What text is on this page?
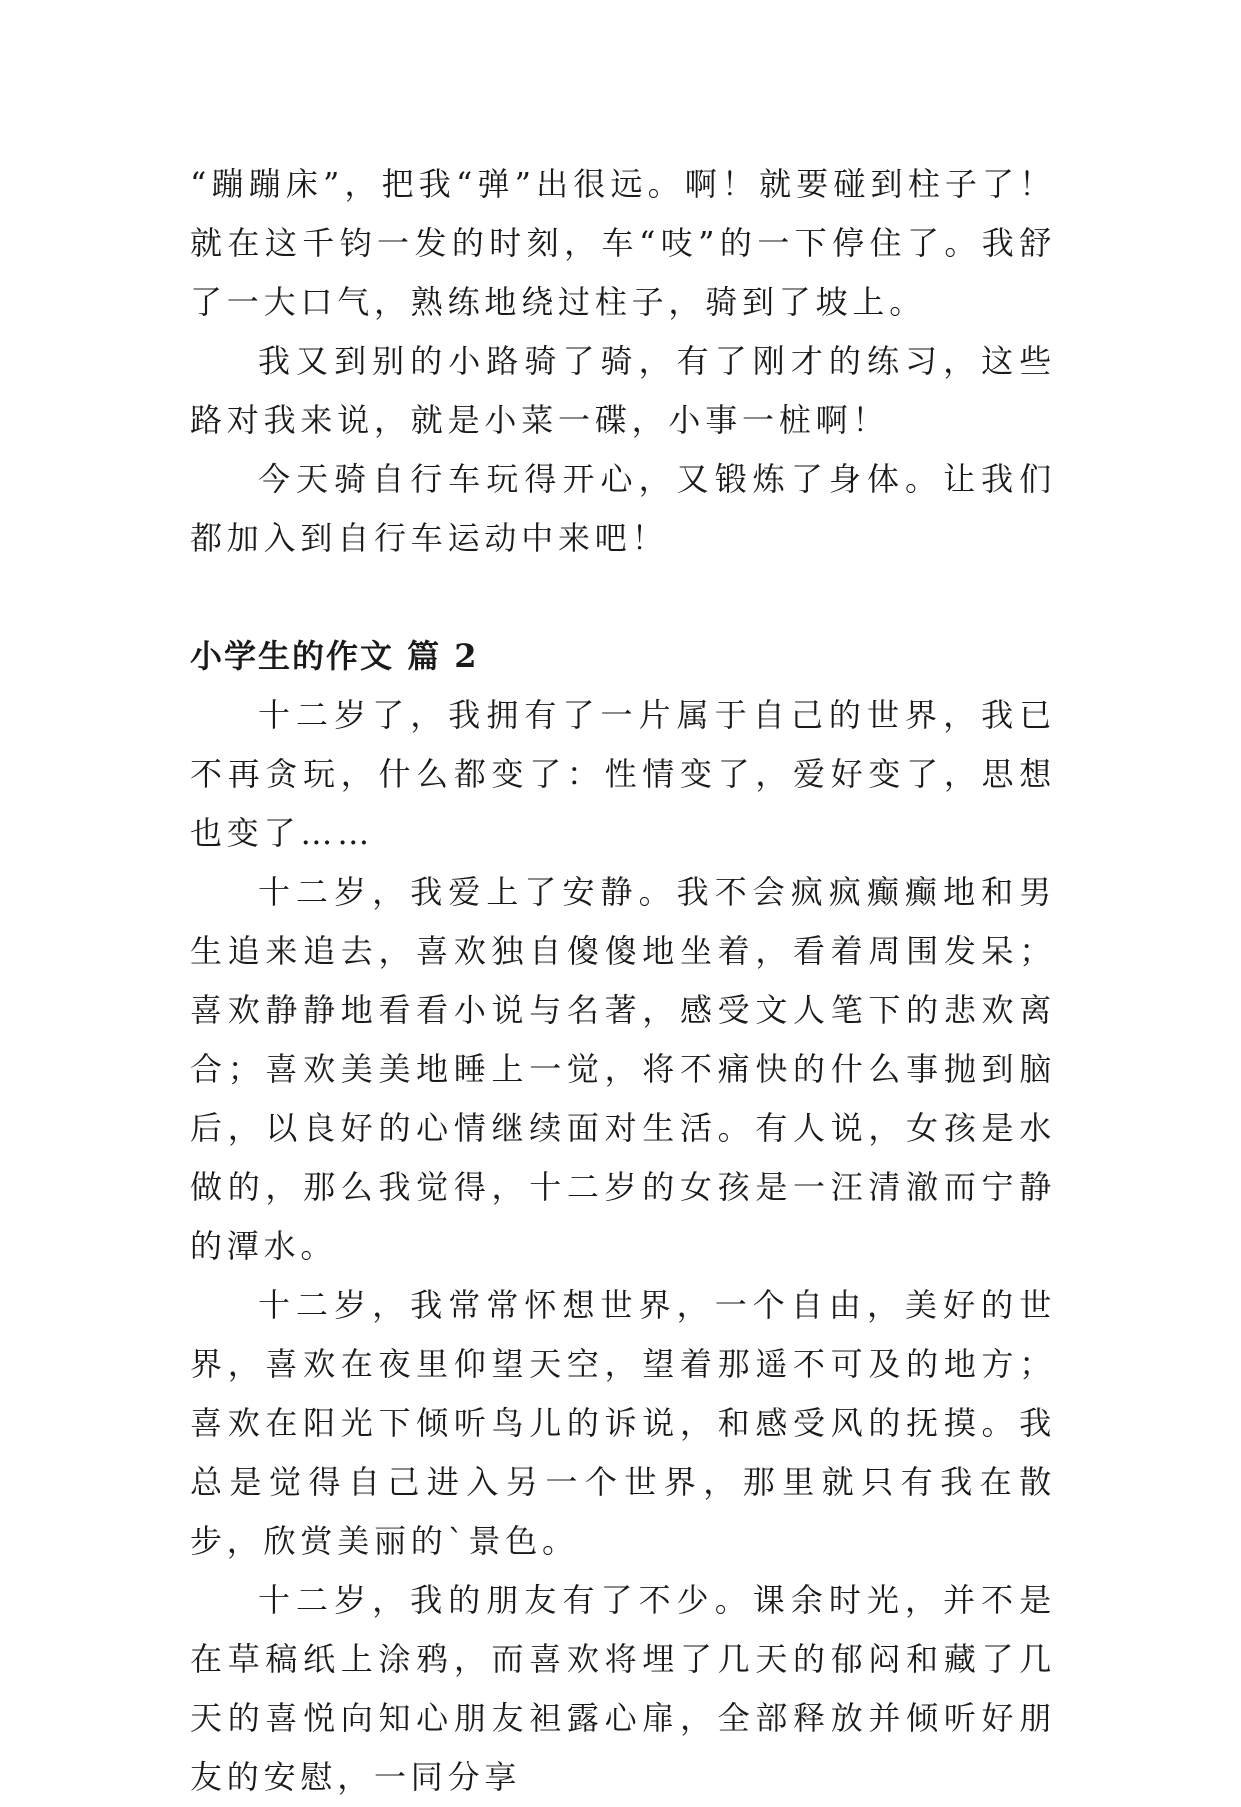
“蹦蹦床”，把我“弹”出很远。啊！就要碰到柱子了！就在这千钧一发的时刻，车“吱”的一下停住了。我舒了一大口气，熟练地绕过柱子，骑到了坡上。

我又到别的小路骑了骑，有了刚才的练习，这些路对我来说，就是小菜一碟，小事一桩啊！

今天骑自行车玩得开心，又锻炼了身体。让我们都加入到自行车运动中来吧！

小学生的作文 篇 2

十二岁了，我拥有了一片属于自己的世界，我已不再贪玩，什么都变了：性情变了，爱好变了，思想也变了……

十二岁，我爱上了安静。我不会疯疯癫癫地和男生追来追去，喜欢独自傻傻地坐着，看着周围发呆；喜欢静静地看看小说与名著，感受文人笔下的悲欢离合；喜欢美美地睡上一觉，将不痛快的什么事抛到脑后，以良好的心情继续面对生活。有人说，女孩是水做的，那么我觉得，十二岁的女孩是一汪清澈而宁静的潭水。

十二岁，我常常怀想世界，一个自由，美好的世界，喜欢在夜里仰望天空，望着那遥不可及的地方；喜欢在阳光下倾听鸟儿的诉说，和感受风的抚摸。我总是觉得自己进入另一个世界，那里就只有我在散步，欣赏美丽的`景色。

十二岁，我的朋友有了不少。课余时光，并不是在草稿纸上涂鸦，而喜欢将埋了几天的郁闷和藏了几天的喜悦向知心朋友袒露心扉，全部释放并倾听好朋友的安慰，一同分享
